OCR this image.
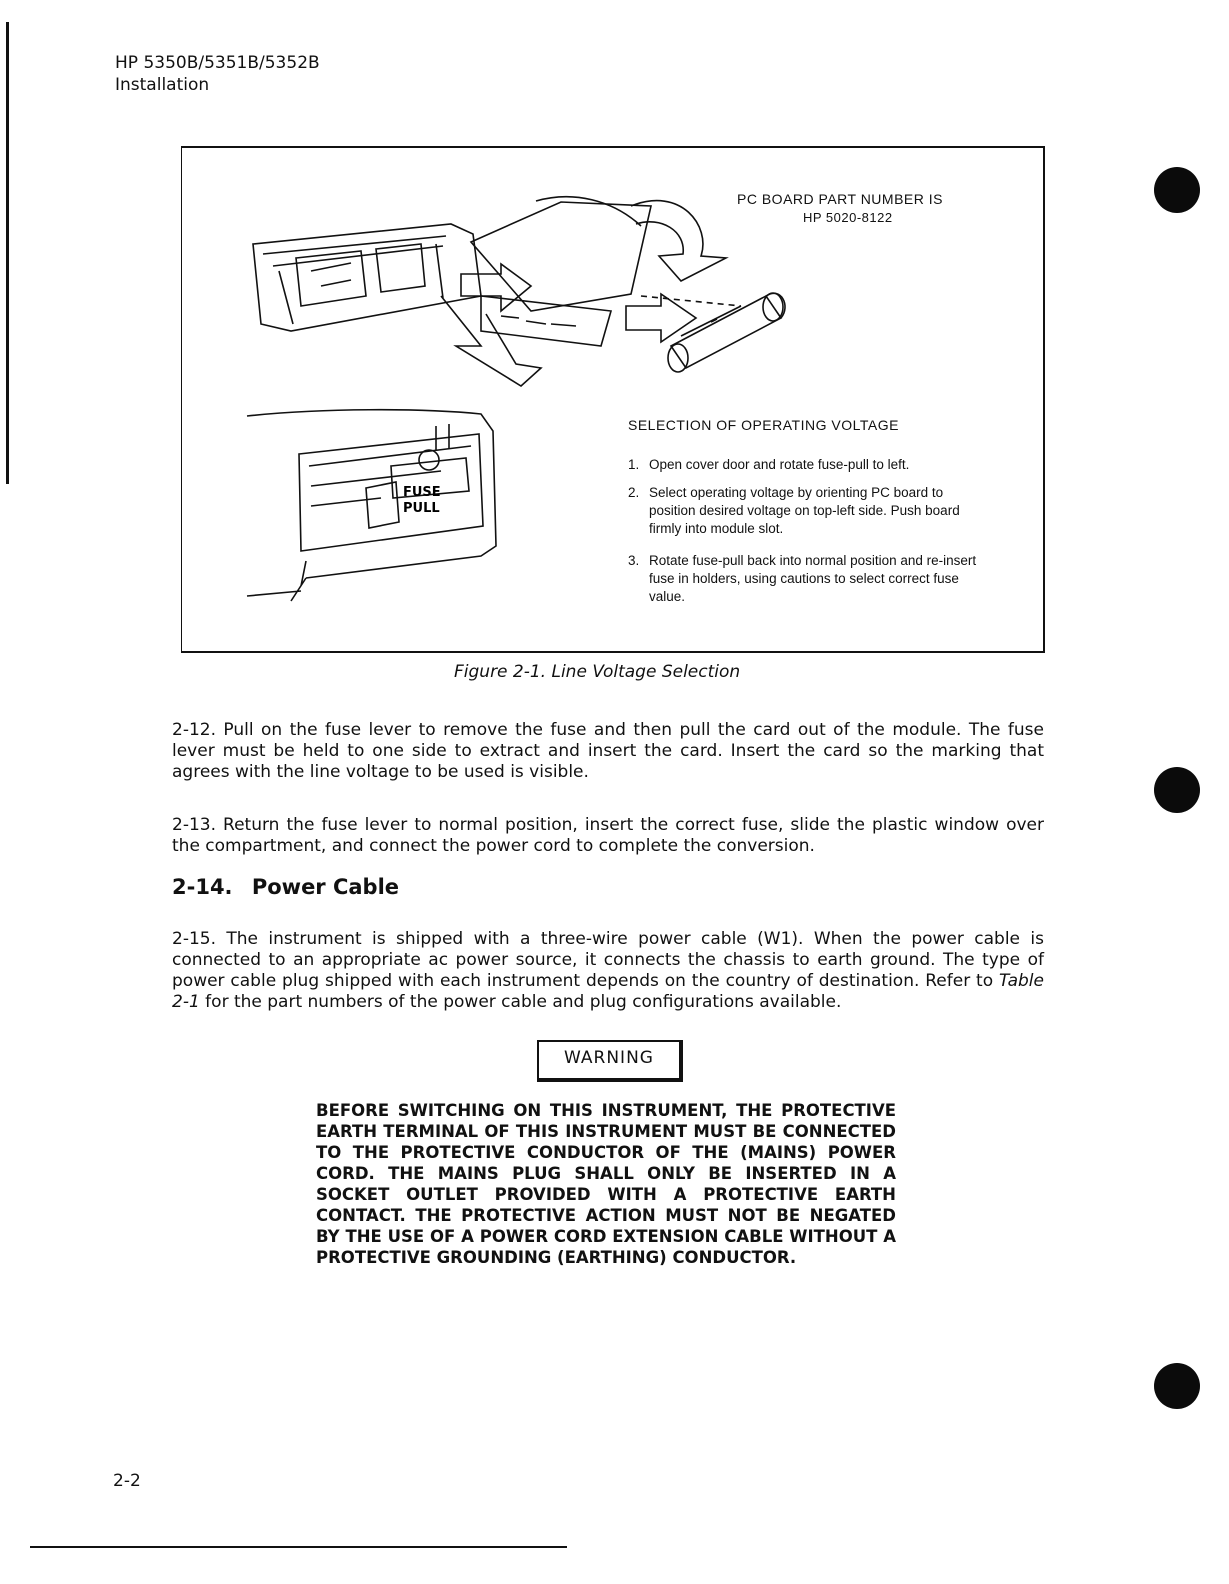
HP 5350B/5351B/5352B
Installation
FUSE
PULL
PC BOARD PART NUMBER IS
HP 5020-8122
SELECTION OF OPERATING VOLTAGE
1. Open cover door and rotate fuse-pull to left.
2. Select operating voltage by orienting PC board to position desired voltage on top-left side. Push board firmly into module slot.
3. Rotate fuse-pull back into normal position and re-insert fuse in holders, using cautions to select correct fuse value.
Figure 2-1. Line Voltage Selection
2-12. Pull on the fuse lever to remove the fuse and then pull the card out of the module. The fuse lever must be held to one side to extract and insert the card. Insert the card so the marking that agrees with the line voltage to be used is visible.
2-13. Return the fuse lever to normal position, insert the correct fuse, slide the plastic window over the compartment, and connect the power cord to complete the conversion.
2-14. Power Cable
2-15. The instrument is shipped with a three-wire power cable (W1). When the power cable is connected to an appropriate ac power source, it connects the chassis to earth ground. The type of power cable plug shipped with each instrument depends on the country of destination. Refer to Table 2-1 for the part numbers of the power cable and plug configurations available.
WARNING
BEFORE SWITCHING ON THIS INSTRUMENT, THE PROTECTIVE EARTH TERMINAL OF THIS INSTRUMENT MUST BE CONNECTED TO THE PROTECTIVE CONDUCTOR OF THE (MAINS) POWER CORD. THE MAINS PLUG SHALL ONLY BE INSERTED IN A SOCKET OUTLET PROVIDED WITH A PROTECTIVE EARTH CONTACT. THE PROTECTIVE ACTION MUST NOT BE NEGATED BY THE USE OF A POWER CORD EXTENSION CABLE WITHOUT A PROTECTIVE GROUNDING (EARTHING) CONDUCTOR.
2-2
